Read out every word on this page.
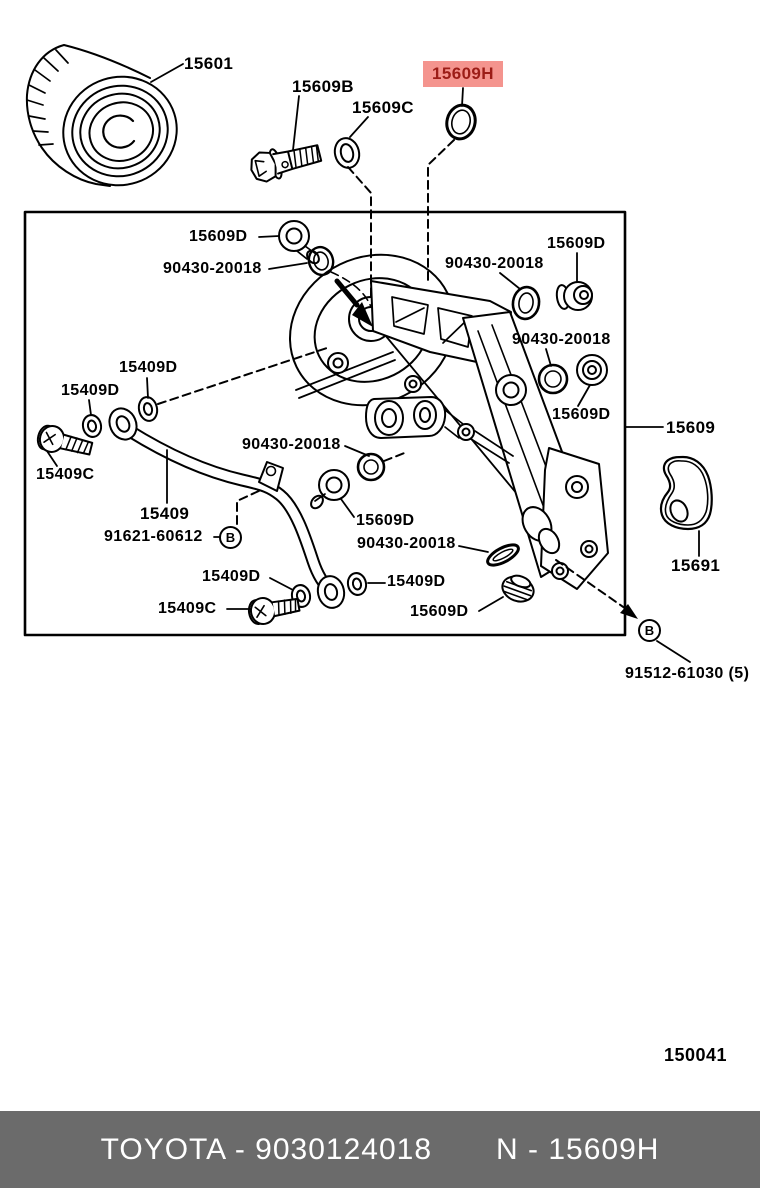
15601
15609B
15609C
15609H
15609D
90430-20018	90430-20018
15609D
90430-20018
15609D
15609
15409D
15409D
15409C
15409
91621-60612
90430-20018
15609D
90430-20018
15409D	15409D
15409C	15609D
15691
91512-61030 (5)
B
B
150041
TOYOTA - 9030124018 N - 15609H
